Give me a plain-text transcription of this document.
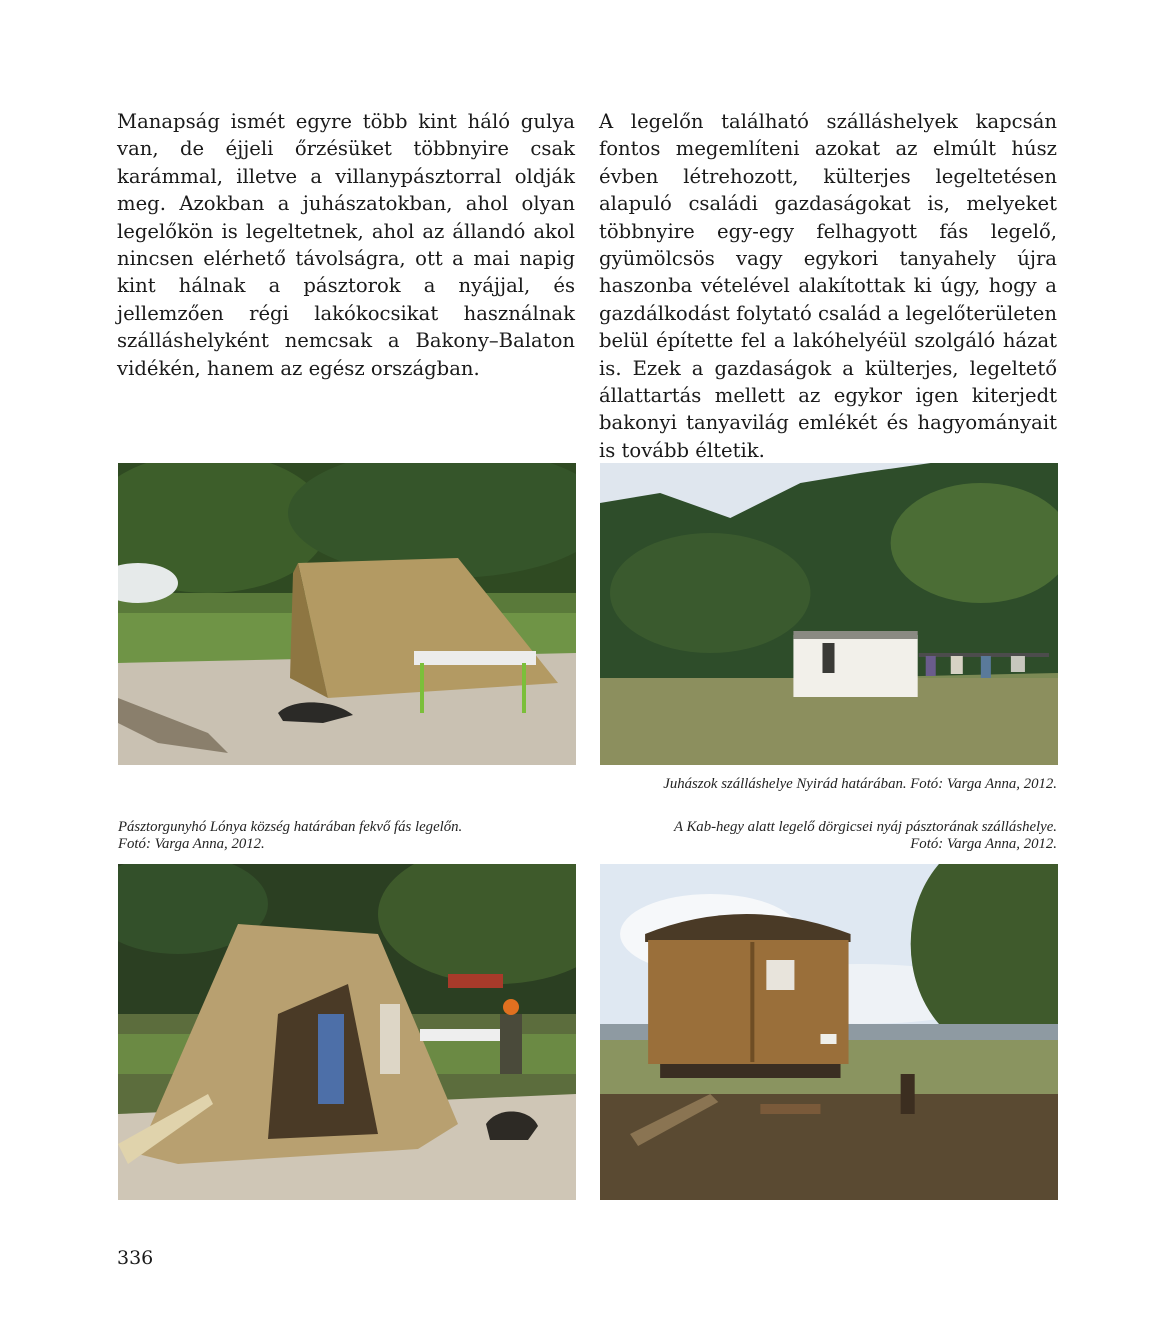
Manapság ismét egyre több kint háló gulya van, de éjjeli őrzésüket többnyire csak karámmal, illetve a villanypásztorral oldják meg. Azokban a juhászatokban, ahol olyan legelőkön is legeltetnek, ahol az állandó akol nincsen elérhető távolságra, ott a mai napig kint hálnak a pásztorok a nyájjal, és jellemzően régi lakókocsikat használnak szálláshelyként nemcsak a Bakony–Balaton vidékén, hanem az egész országban.

A legelőn található szálláshelyek kapcsán fontos megemlíteni azokat az elmúlt húsz évben létrehozott, külterjes legeltetésen alapuló családi gazdaságokat is, melyeket többnyire egy-egy felhagyott fás legelő, gyümölcsös vagy egykori tanyahely újra haszonba vételével alakítottak ki úgy, hogy a gazdálkodást folytató család a legelőterületen belül építette fel a lakóhelyéül szolgáló házat is. Ezek a gazdaságok a külterjes, legeltető állattartás mellett az egykor igen kiterjedt bakonyi tanyavilág emlékét és hagyományait is tovább éltetik.

Juhászok szálláshelye Nyirád határában. Fotó: Varga Anna, 2012.

Pásztorgunyhó Lónya község határában fekvő fás legelőn.
Fotó: Varga Anna, 2012.

A Kab-hegy alatt legelő dörgicsei nyáj pásztorának szálláshelye.
Fotó: Varga Anna, 2012.

336
